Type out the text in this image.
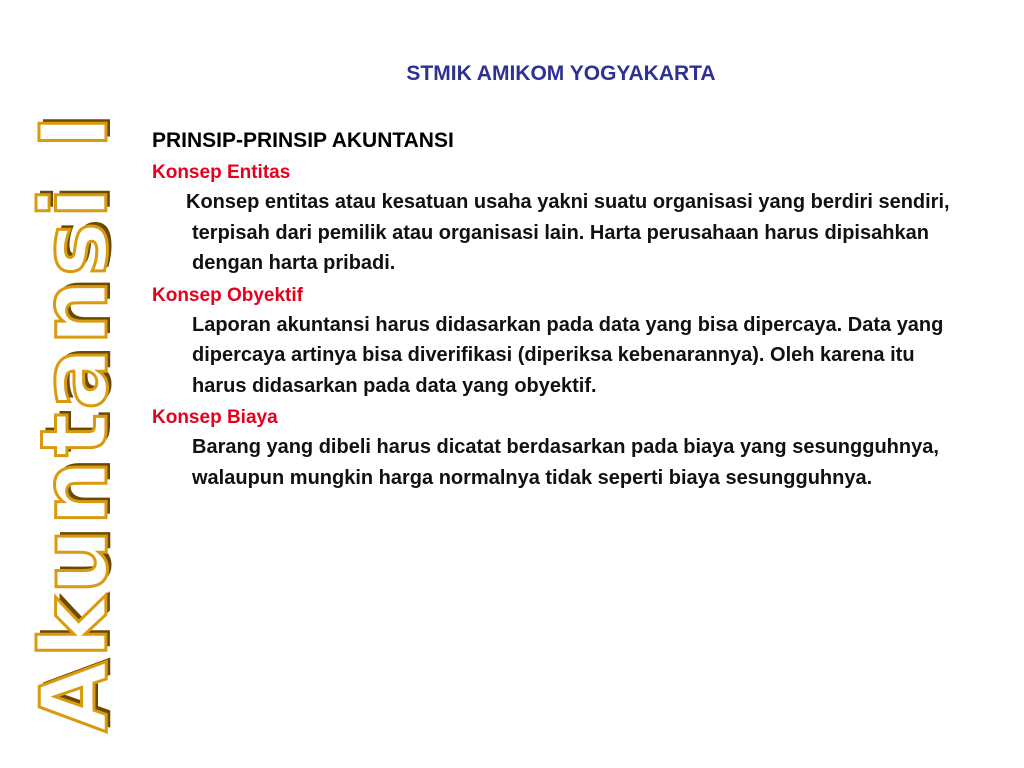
Akuntansi I
STMIK AMIKOM YOGYAKARTA
PRINSIP-PRINSIP AKUNTANSI
Konsep Entitas

Konsep entitas atau kesatuan usaha yakni suatu organisasi yang berdiri sendiri, terpisah dari pemilik atau organisasi lain. Harta perusahaan harus dipisahkan dengan harta pribadi.

Konsep Obyektif

Laporan akuntansi harus didasarkan pada data yang bisa dipercaya. Data yang dipercaya artinya bisa diverifikasi (diperiksa kebenarannya). Oleh karena itu harus didasarkan pada data yang obyektif.

Konsep Biaya

Barang yang dibeli harus dicatat berdasarkan pada biaya yang sesungguhnya, walaupun mungkin harga normalnya tidak seperti biaya sesungguhnya.
